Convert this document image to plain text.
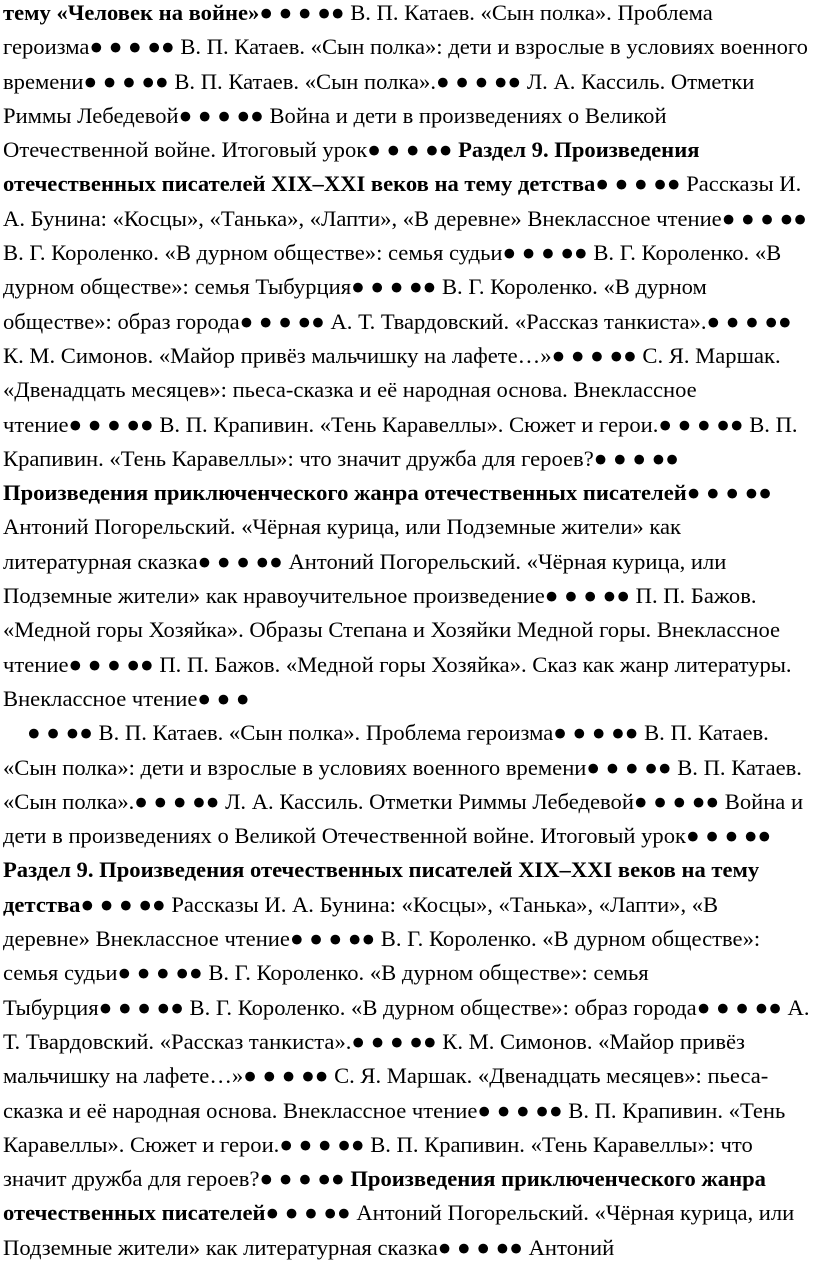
тему «Человек на войне»● ● ● ●● В. П. Катаев. «Сын полка». Проблема героизма● ● ● ●● В. П. Катаев. «Сын полка»: дети и взрослые в условиях военного времени● ● ● ●● В. П. Катаев. «Сын полка».● ● ● ●● Л. А. Кассиль. Отметки Риммы Лебедевой● ● ● ●● Война и дети в произведениях о Великой Отечественной войне. Итоговый урок● ● ● ●● Раздел 9. Произведения отечественных писателей XIX–XXI веков на тему детства● ● ● ●● Рассказы И. А. Бунина: «Косцы», «Танька», «Лапти», «В деревне» Внеклассное чтение● ● ● ●● В. Г. Короленко. «В дурном обществе»: семья судьи● ● ● ●● В. Г. Короленко. «В дурном обществе»: семья Тыбурция● ● ● ●● В. Г. Короленко. «В дурном обществе»: образ города● ● ● ●● А. Т. Твардовский. «Рассказ танкиста».● ● ● ●● К. М. Симонов. «Майор привёз мальчишку на лафете…»● ● ● ●● С. Я. Маршак. «Двенадцать месяцев»: пьеса-сказка и её народная основа. Внеклассное чтение● ● ● ●● В. П. Крапивин. «Тень Каравеллы». Сюжет и герои.● ● ● ●● В. П. Крапивин. «Тень Каравеллы»: что значит дружба для героев?● ● ● ●● Произведения приключенческого жанра отечественных писателей● ● ● ●● Антоний Погорельский. «Чёрная курица, или Подземные жители» как литературная сказка● ● ● ●● Антоний Погорельский. «Чёрная курица, или Подземные жители» как нравоучительное произведение● ● ● ●● П. П. Бажов. «Медной горы Хозяйка». Образы Степана и Хозяйки Медной горы. Внеклассное чтение● ● ● ●● П. П. Бажов. «Медной горы Хозяйка». Сказ как жанр литературы. Внеклассное чтение● ● ●

● ● ●● В. П. Катаев. «Сын полка». Проблема героизма● ● ● ●● В. П. Катаев. «Сын полка»: дети и взрослые в условиях военного времени● ● ● ●● В. П. Катаев. «Сын полка».● ● ● ●● Л. А. Кассиль. Отметки Риммы Лебедевой● ● ● ●● Война и дети в произведениях о Великой Отечественной войне. Итоговый урок● ● ● ●● Раздел 9. Произведения отечественных писателей XIX–XXI веков на тему детства● ● ● ●● Рассказы И. А. Бунина: «Косцы», «Танька», «Лапти», «В деревне» Внеклассное чтение● ● ● ●● В. Г. Короленко. «В дурном обществе»: семья судьи● ● ● ●● В. Г. Короленко. «В дурном обществе»: семья Тыбурция● ● ● ●● В. Г. Короленко. «В дурном обществе»: образ города● ● ● ●● А. Т. Твардовский. «Рассказ танкиста».● ● ● ●● К. М. Симонов. «Майор привёз мальчишку на лафете…»● ● ● ●● С. Я. Маршак. «Двенадцать месяцев»: пьеса-сказка и её народная основа. Внеклассное чтение● ● ● ●● В. П. Крапивин. «Тень Каравеллы». Сюжет и герои.● ● ● ●● В. П. Крапивин. «Тень Каравеллы»: что значит дружба для героев?● ● ● ●● Произведения приключенческого жанра отечественных писателей● ● ● ●● Антоний Погорельский. «Чёрная курица, или Подземные жители» как литературная сказка● ● ● ●● Антоний
